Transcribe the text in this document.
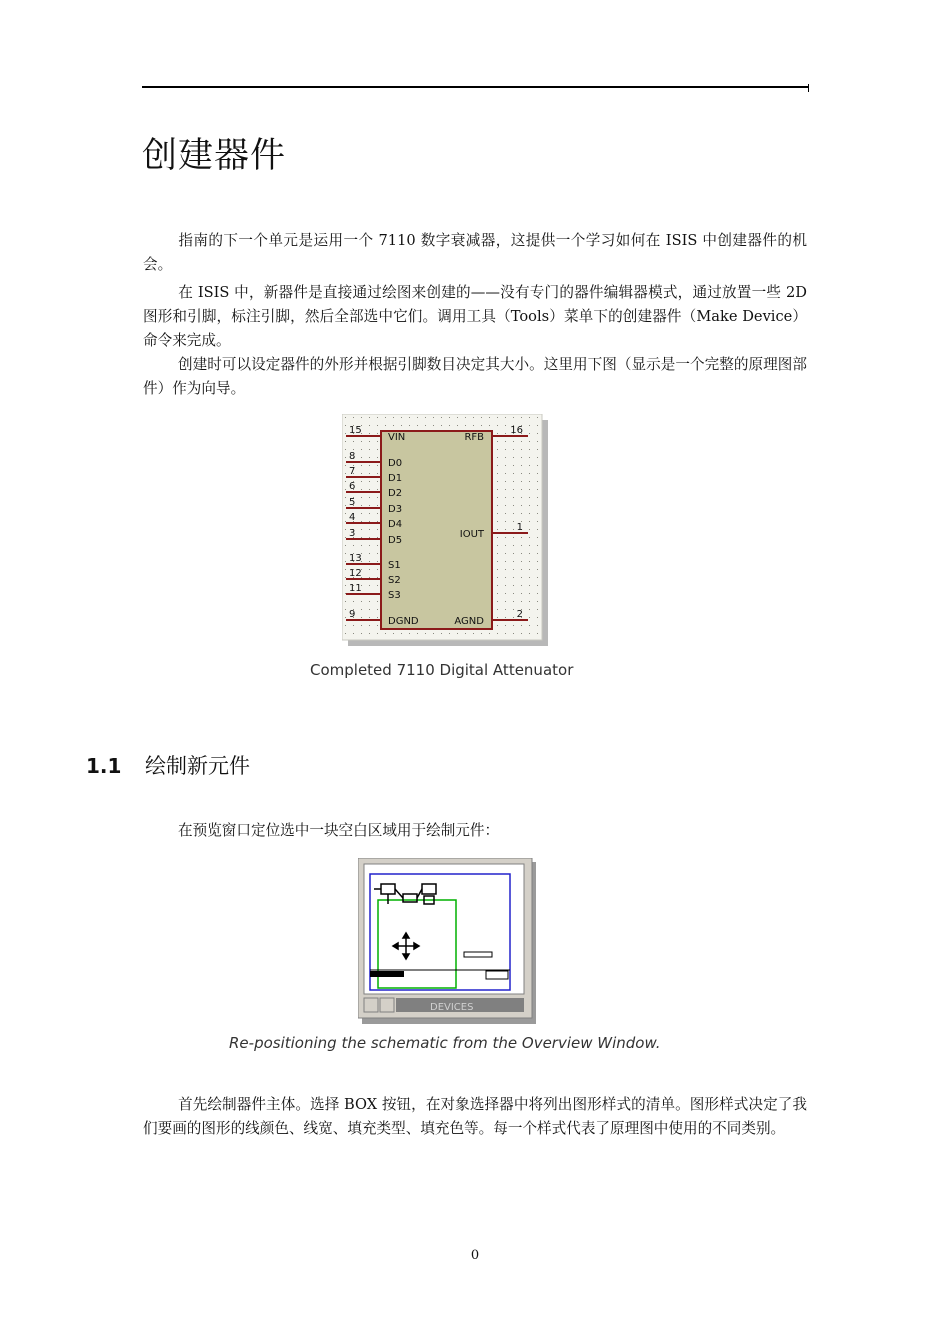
创建器件
指南的下一个单元是运用一个 7110 数字衰减器，这提供一个学习如何在 ISIS 中创建器件的机会。
在 ISIS 中，新器件是直接通过绘图来创建的——没有专门的器件编辑器模式，通过放置一些 2D 图形和引脚，标注引脚，然后全部选中它们。调用工具（Tools）菜单下的创建器件（Make Device）命令来完成。
创建时可以设定器件的外形并根据引脚数目决定其大小。这里用下图（显示是一个完整的原理图部件）作为向导。
15
VIN
8
D0
7
D1
6
D2
5
D3
4
D4
3
D5
13
S1
12
S2
11
S3
9
DGND
16
RFB
1
IOUT
2
AGND
Completed 7110 Digital Attenuator
1.1 绘制新元件
在预览窗口定位选中一块空白区域用于绘制元件：
DEVICES
Re-positioning the schematic from the Overview Window.
首先绘制器件主体。选择 BOX 按钮，在对象选择器中将列出图形样式的清单。图形样式决定了我们要画的图形的线颜色、线宽、填充类型、填充色等。每一个样式代表了原理图中使用的不同类别。
0
